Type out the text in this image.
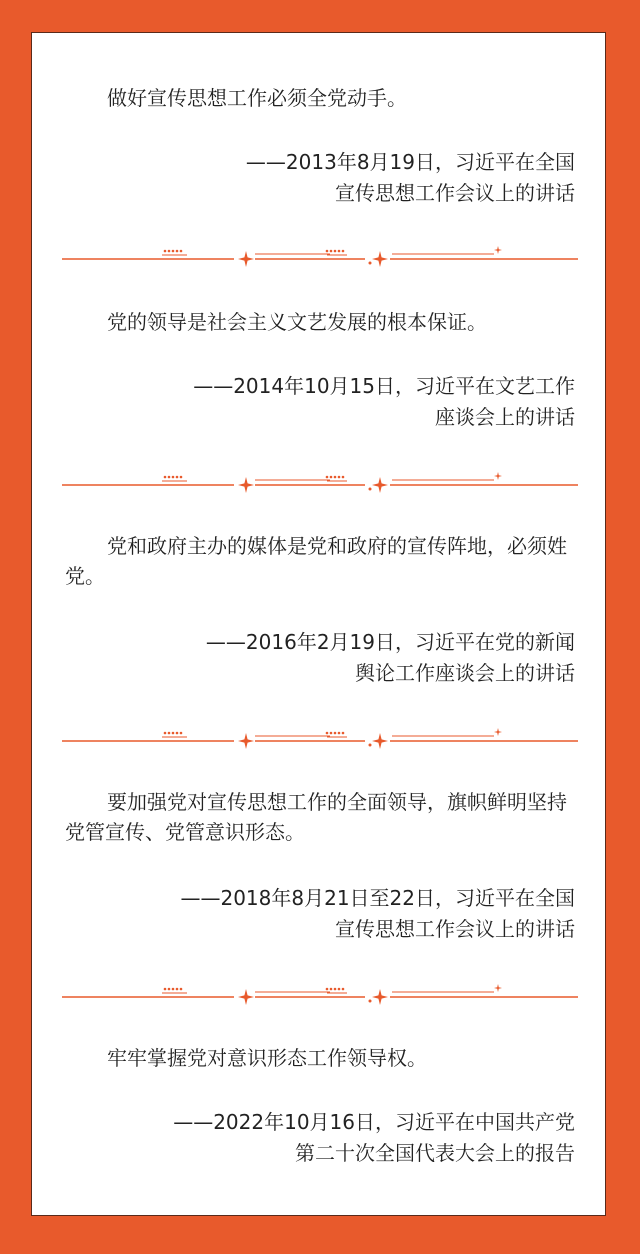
做好宣传思想工作必须全党动手。

——2013年8月19日，习近平在全国
宣传思想工作会议上的讲话

党的领导是社会主义文艺发展的根本保证。

——2014年10月15日，习近平在文艺工作
座谈会上的讲话

党和政府主办的媒体是党和政府的宣传阵地，必须姓党。

——2016年2月19日，习近平在党的新闻
舆论工作座谈会上的讲话

要加强党对宣传思想工作的全面领导，旗帜鲜明坚持党管宣传、党管意识形态。

——2018年8月21日至22日，习近平在全国
宣传思想工作会议上的讲话

牢牢掌握党对意识形态工作领导权。

——2022年10月16日，习近平在中国共产党
第二十次全国代表大会上的报告
